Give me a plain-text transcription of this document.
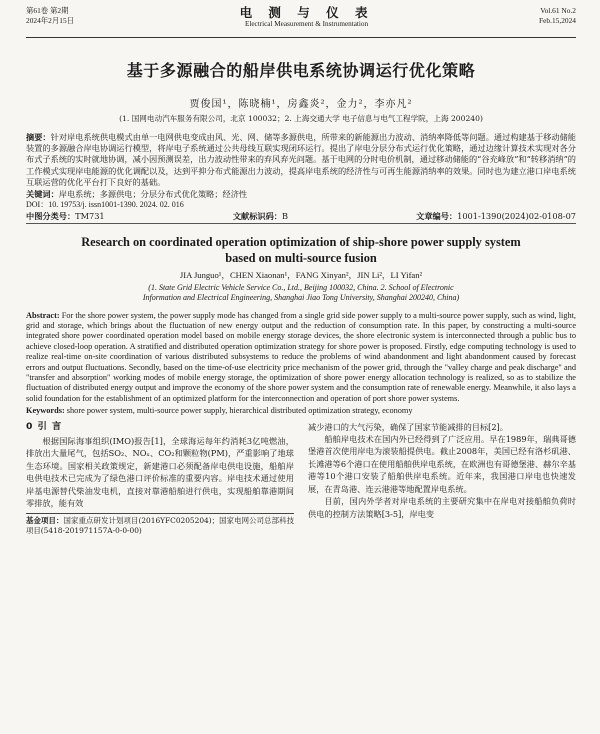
第61卷 第2期
2024年2月15日
电 测 与 仪 表
Electrical Measurement & Instrumentation
Vol.61 No.2
Feb.15,2024
基于多源融合的船岸供电系统协调运行优化策略
贾俊国¹，陈晓楠¹，房鑫炎²，金力²，李亦凡²
(1. 国网电动汽车服务有限公司，北京 100032；2. 上海交通大学 电子信息与电气工程学院，上海 200240)
摘要：针对岸电系统供电模式由单一电网供电变成由风、光、网、储等多源供电，所带来的新能源出力波动、消纳率降低等问题。通过构建基于移动储能装置的多源融合岸电协调运行模型，将岸电子系统通过公共母线互联实现闭环运行。提出了岸电分层分布式运行优化策略，通过边缘计算技术实现对各分布式子系统的实时就地协调，减小因预测误差，出力波动性带来的弃风弃光问题。基于电网的分时电价机制，通过移动储能的“谷充峰放”和“转移消纳”的工作模式实现岸电能源的优化调配以及，达到平抑分布式能源出力波动，提高岸电系统的经济性与可再生能源消纳率的效果。同时也为建立港口岸电系统互联运营的优化平台打下良好的基础。
关键词：岸电系统；多源供电；分层分布式优化策略；经济性
DOI：10. 19753/j. issn1001-1390. 2024. 02. 016
中图分类号：TM731	文献标识码：B	文章编号：1001-1390(2024)02-0108-07
Research on coordinated operation optimization of ship-shore power supply system
based on multi-source fusion
JIA Junguo¹，CHEN Xiaonan¹，FANG Xinyan²，JIN Li²，LI Yifan²
(1. State Grid Electric Vehicle Service Co., Ltd., Beijing 100032, China. 2. School of Electronic
Information and Electrical Engineering, Shanghai Jiao Tong University, Shanghai 200240, China)
Abstract: For the shore power system, the power supply mode has changed from a single grid side power supply to a multi-source power supply, such as wind, light, grid and storage, which brings about the fluctuation of new energy output and the reduction of consumption rate. In this paper, by constructing a multi-source integrated shore power coordinated operation model based on mobile energy storage devices, the shore electronic system is interconnected through a public bus to achieve closed-loop operation. A stratified and distributed operation optimization strategy for shore power is proposed. Firstly, edge computing technology is used to realize real-time on-site coordination of various distributed subsystems to reduce the problems of wind abandonment and light abandonment caused by forecast errors and output fluctuations. Secondly, based on the time-of-use electricity price mechanism of the power grid, through the "valley charge and peak discharge" and "transfer and absorption" working modes of mobile energy storage, the optimization of shore power energy allocation technology is realized, so as to stabilize the fluctuation of distributed energy output and improve the economy of the shore power system and the consumption rate of renewable energy. Meanwhile, it also lays a solid foundation for the establishment of an optimized platform for the interconnection and operation of port shore power systems.
Keywords: shore power system, multi-source power supply, hierarchical distributed optimization strategy, economy
0 引 言
根据国际海事组织(IMO)报告[1]，全球海运每年约消耗3亿吨燃油，排放出大量尾气，包括SO₂、NOₓ、CO₂和颗粒物(PM)，严重影响了地球生态环境。国家相关政策规定，新建港口必须配备岸电供电设施，船舶岸电供电技术已完成为了绿色港口评价标准的重要内容。岸电技术通过使用岸基电源替代柴油发电机，直接对靠港船舶进行供电，实现船舶靠港期间零排放，能有效
基金项目：国家重点研发计划项目(2016YFC0205204)；国家电网公司总部科技项目(5418-201971157A-0-0-00)
减少港口的大气污染，确保了国家节能减排的目标[2]。
船舶岸电技术在国内外已经得到了广泛应用。早在1989年，瑞典哥德堡港首次使用岸电为滚装船提供电。截止2008年，美国已经有洛杉矶港、长滩港等6个港口在使用船舶供岸电系统，在欧洲也有哥德堡港、赫尔辛基港等10个港口安装了船舶供岸电系统。近年来，我国港口岸电也快速发展，在青岛港、连云港港等地配置岸电系统。
目前，国内外学者对岸电系统的主要研究集中在岸电对接船舶负荷时供电的控制方法策略[3-5]，岸电变
